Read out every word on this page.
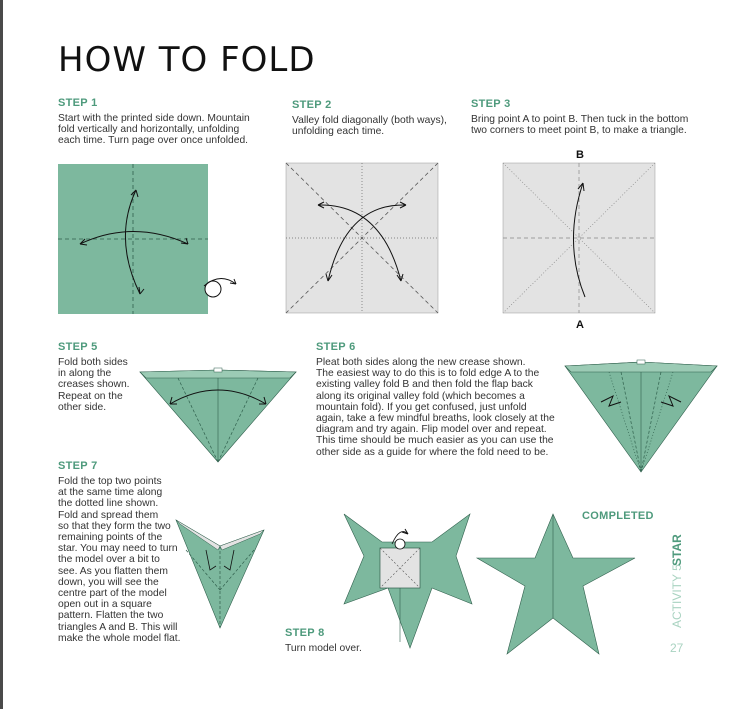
HOW TO FOLD
STEP 1
Start with the printed side down. Mountain
fold vertically and horizontally, unfolding
each time. Turn page over once unfolded.
STEP 2
Valley fold diagonally (both ways),
unfolding each time.
STEP 3
Bring point A to point B. Then tuck in the bottom
two corners to meet point B, to make a triangle.
B
A
STEP 5
Fold both sides
in along the
creases shown.
Repeat on the
other side.
STEP 6
Pleat both sides along the new crease shown.
The easiest way to do this is to fold edge A to the
existing valley fold B and then fold the flap back
along its original valley fold (which becomes a
mountain fold). If you get confused, just unfold
again, take a few mindful breaths, look closely at the
diagram and try again. Flip model over and repeat.
This time should be much easier as you can use the
other side as a guide for where the fold need to be.
STEP 7
Fold the top two points
at the same time along
the dotted line shown.
Fold and spread them
so that they form the two
remaining points of the
star. You may need to turn
the model over a bit to
see. As you flatten them
down, you will see the
centre part of the model
open out in a square
pattern. Flatten the two
triangles A and B. This will
make the whole model flat.	STEP 8
Turn model over.
COMPLETED
ACTIVITY 5
STAR
27
